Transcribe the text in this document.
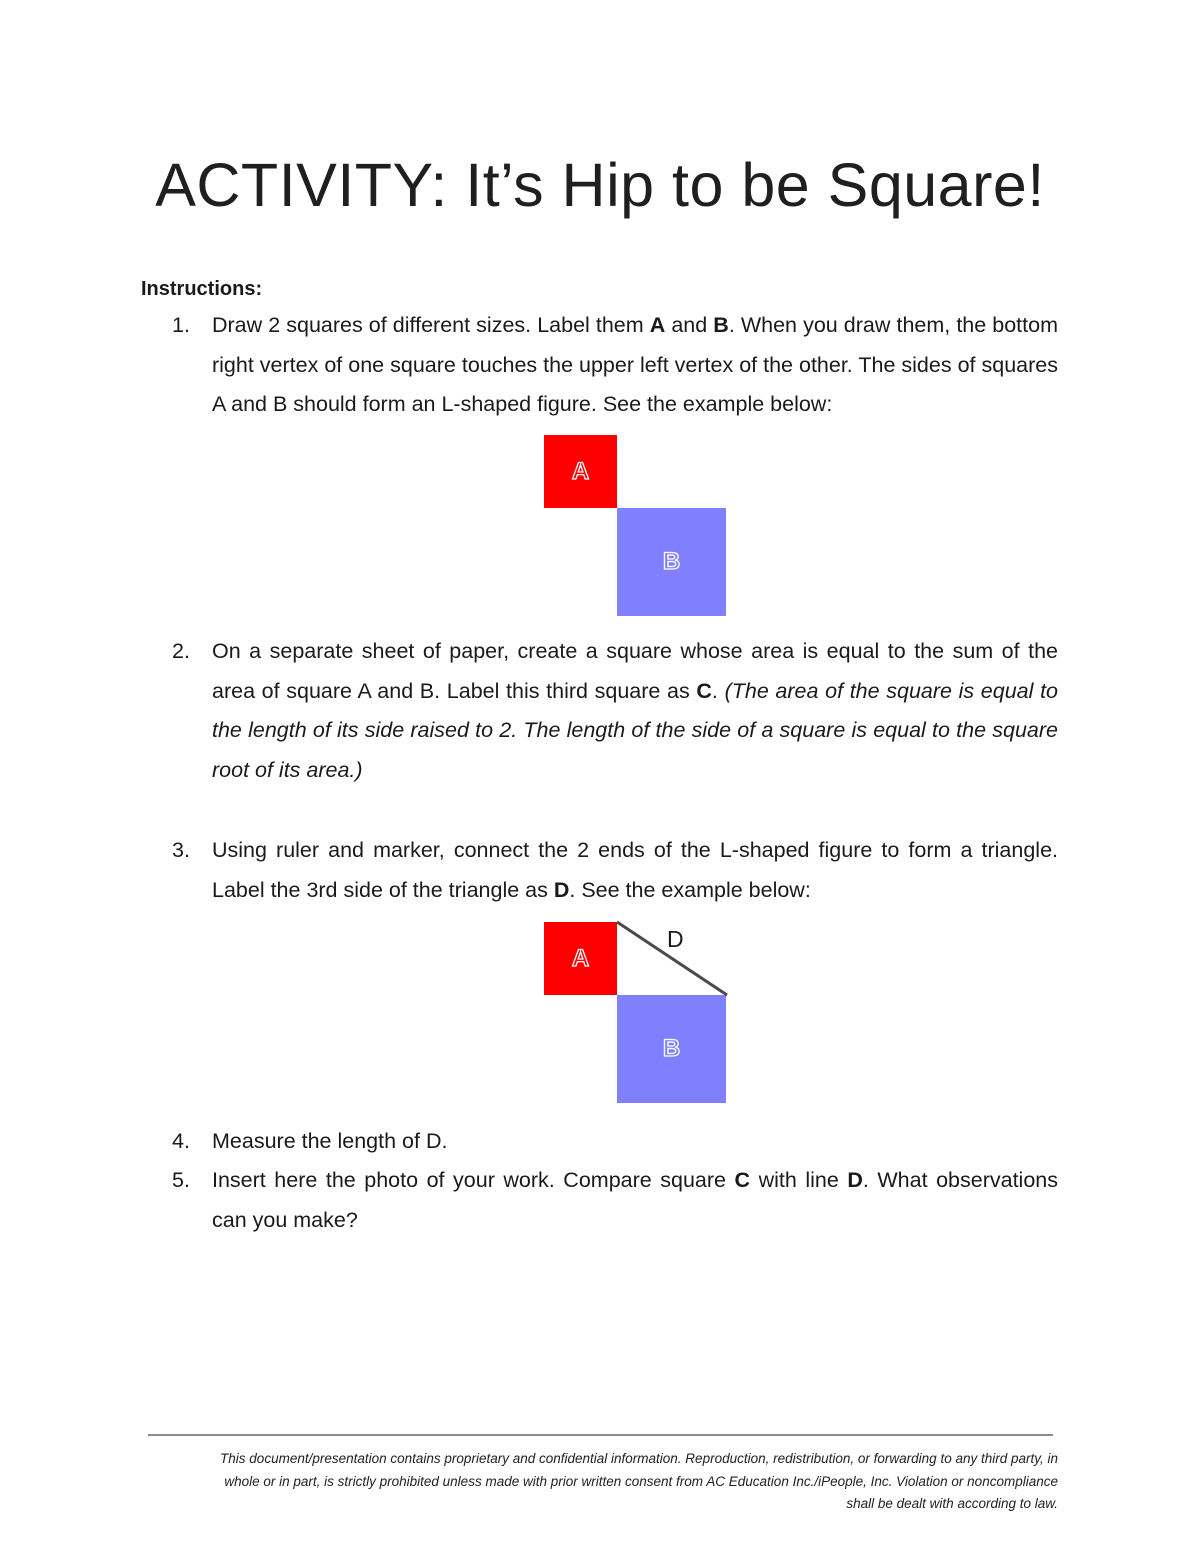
ACTIVITY: It’s Hip to be Square!
Instructions:
1.	Draw 2 squares of different sizes. Label them A and B. When you draw them, the bottom right vertex of one square touches the upper left vertex of the other. The sides of squares A and B should form an L-shaped figure. See the example below:
A
B
2.	On a separate sheet of paper, create a square whose area is equal to the sum of the area of square A and B. Label this third square as C. (The area of the square is equal to the length of its side raised to 2. The length of the side of a square is equal to the square root of its area.)
3.	Using ruler and marker, connect the 2 ends of the L-shaped figure to form a triangle. Label the 3rd side of the triangle as D. See the example below:
A
B
D
4.	Measure the length of D.
5.	Insert here the photo of your work. Compare square C with line D. What observations can you make?
This document/presentation contains proprietary and confidential information. Reproduction, redistribution, or forwarding to any third party, in
whole or in part, is strictly prohibited unless made with prior written consent from AC Education Inc./iPeople, Inc. Violation or noncompliance
shall be dealt with according to law.
